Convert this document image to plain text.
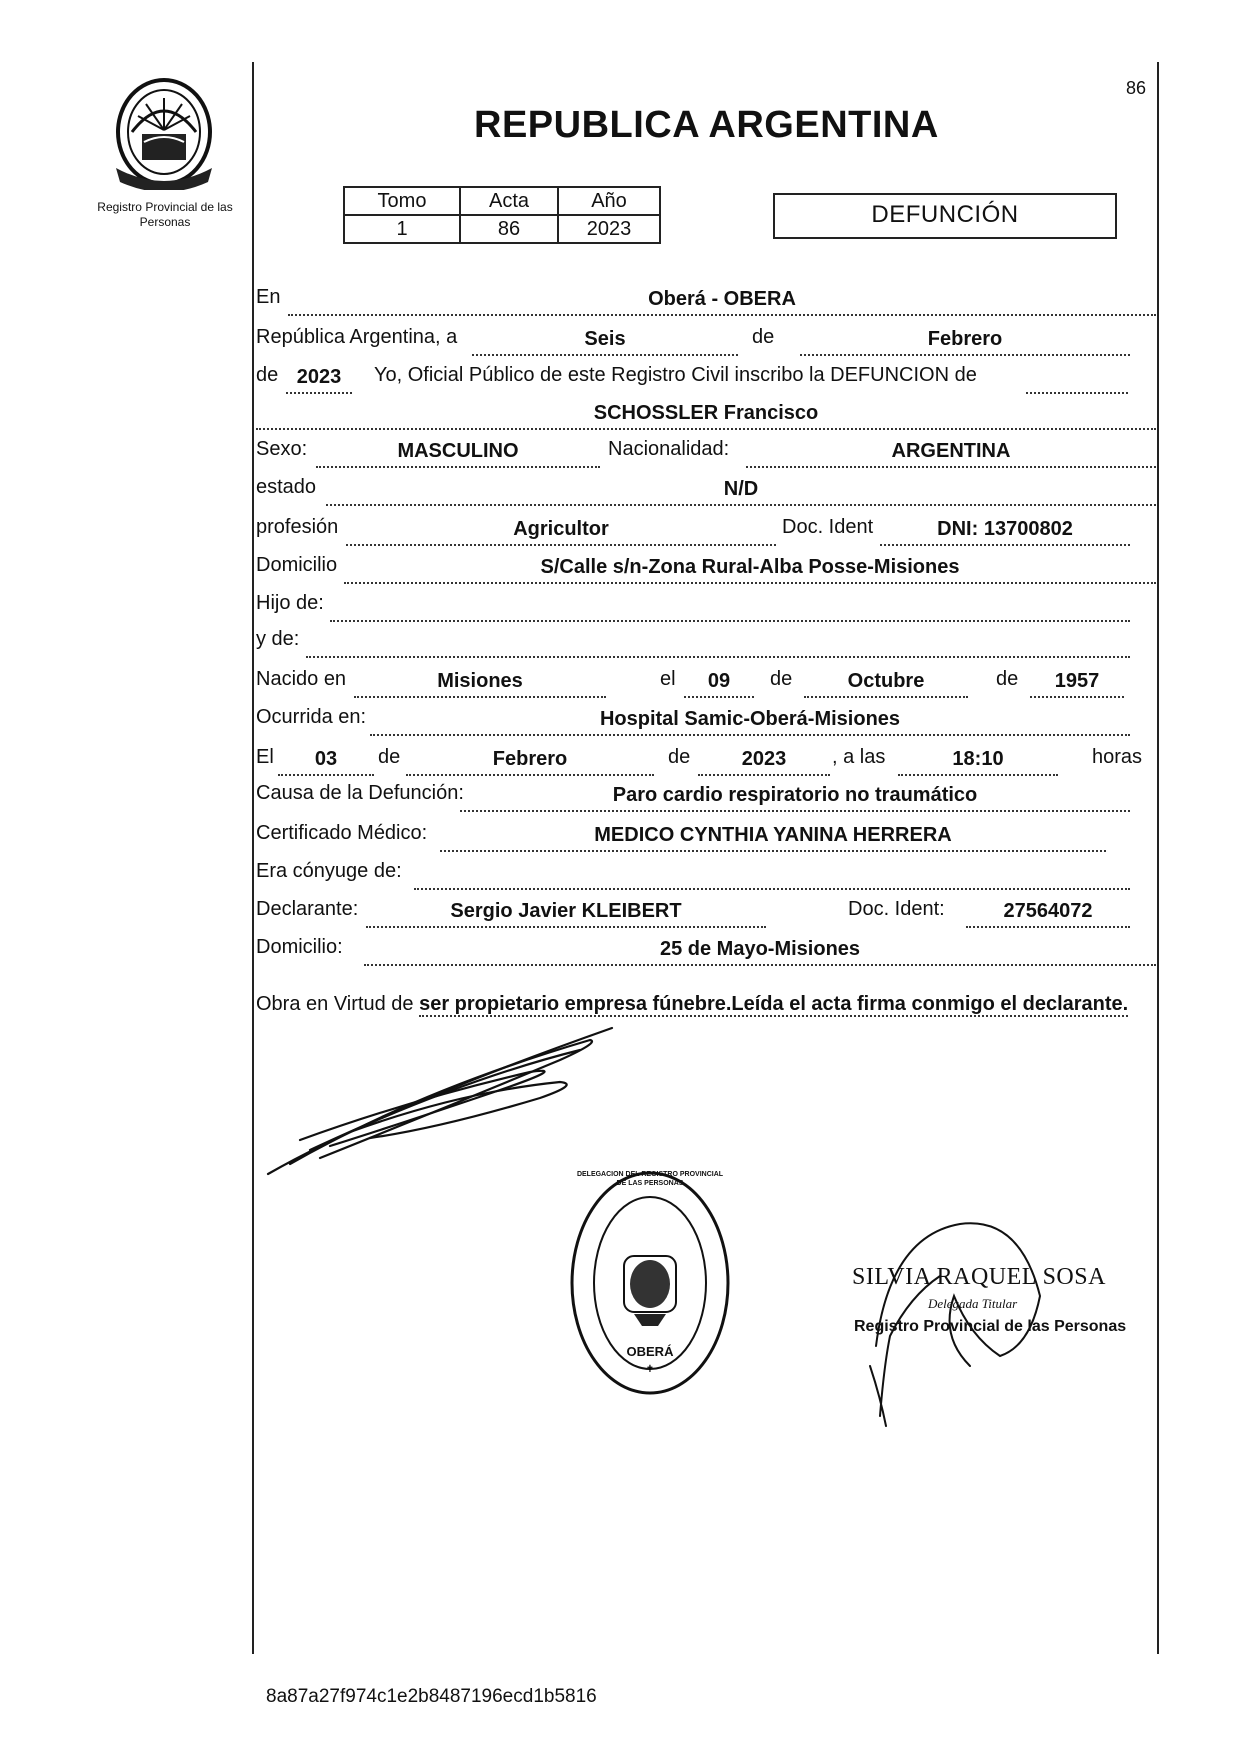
86
Registro Provincial de las Personas
REPUBLICA ARGENTINA
Tomo	Acta	Año
1	86	2023
DEFUNCIÓN
En	Oberá - OBERA
República Argentina, a	Seis	de	Febrero
de 2023	Yo, Oficial Público de este Registro Civil inscribo la DEFUNCION de
SCHOSSLER Francisco
Sexo:	MASCULINO	Nacionalidad:	ARGENTINA
estado	N/D
profesión	Agricultor	Doc. Ident	DNI: 13700802
Domicilio	S/Calle s/n-Zona Rural-Alba Posse-Misiones
Hijo de:
y de:
Nacido en	Misiones	el	09	de	Octubre	de	1957
Ocurrida en:	Hospital Samic-Oberá-Misiones
El	03	de	Febrero	de	2023	, a las	18:10	horas
Causa de la Defunción:	Paro cardio respiratorio no traumático
Certificado Médico:	MEDICO CYNTHIA YANINA HERRERA
Era cónyuge de:
Declarante:	Sergio Javier KLEIBERT	Doc. Ident:	27564072
Domicilio:	25 de Mayo-Misiones
Obra en Virtud de ser propietario empresa fúnebre.Leída el acta firma conmigo el declarante.
✝
DELEGACION DEL REGISTRO PROVINCIAL DE LAS PERSONAS
OBERÁ
SILVIA RAQUEL SOSA
Delegada Titular
Registro Provincial de las Personas
8a87a27f974c1e2b8487196ecd1b5816
